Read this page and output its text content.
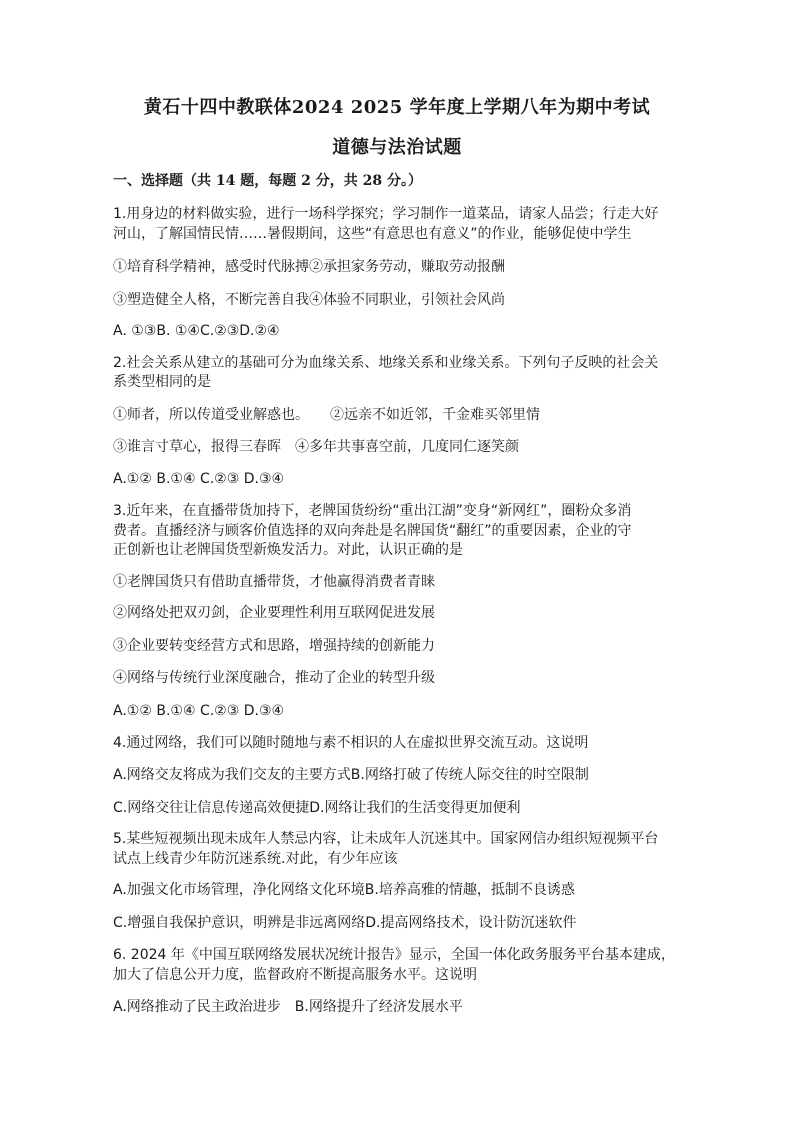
黄石十四中教联体2024 2025 学年度上学期八年为期中考试
道德与法治试题
一、选择题（共 14 题，每题 2 分，共 28 分。）
1.用身边的材料做实验，进行一场科学探究；学习制作一道菜品，请家人品尝；行走大好
河山，了解国情民情……暑假期间，这些“有意思也有意义”的作业，能够促使中学生
①培育科学精神，感受时代脉搏②承担家务劳动，赚取劳动报酬
③塑造健全人格，不断完善自我④体验不同职业，引领社会风尚
A. ①③B. ①④C.②③D.②④
2.社会关系从建立的基础可分为血缘关系、地缘关系和业缘关系。下列句子反映的社会关
系类型相同的是
①师者，所以传道受业解惑也。　　②远亲不如近邻，千金难买邻里情
③谁言寸草心，报得三春晖　④多年共事喜空前，几度同仁逐笑颜
A.①② B.①④ C.②③ D.③④
3.近年来，在直播带货加持下，老牌国货纷纷“重出江湖”变身“新网红”，圈粉众多消
费者。直播经济与顾客价值选择的双向奔赴是名牌国货“翻红”的重要因素，企业的守
正创新也让老牌国货型新焕发活力。对此，认识正确的是
①老牌国货只有借助直播带货，才他赢得消费者青睐
②网络处把双刃剑，企业要理性利用互联网促进发展
③企业要转变经营方式和思路，增强持续的创新能力
④网络与传统行业深度融合，推动了企业的转型升级
A.①② B.①④ C.②③ D.③④
4.通过网络，我们可以随时随地与素不相识的人在虚拟世界交流互动。这说明
A.网络交友将成为我们交友的主要方式B.网络打破了传统人际交往的时空限制
C.网络交往让信息传递高效便捷D.网络让我们的生活变得更加便利
5.某些短视频出现未成年人禁忌内容，让未成年人沉迷其中。国家网信办组织短视频平台
试点上线青少年防沉迷系统.对此，有少年应该
A.加强文化市场管理，净化网络文化环境B.培养高雅的情趣，抵制不良诱惑
C.增强自我保护意识，明辨是非远离网络D.提高网络技术，设计防沉迷软件
6. 2024 年《中国互联网络发展状况统计报告》显示，全国一体化政务服务平台基本建成，
加大了信息公开力度，监督政府不断提高服务水平。这说明
A.网络推动了民主政治进步　B.网络提升了经济发展水平
